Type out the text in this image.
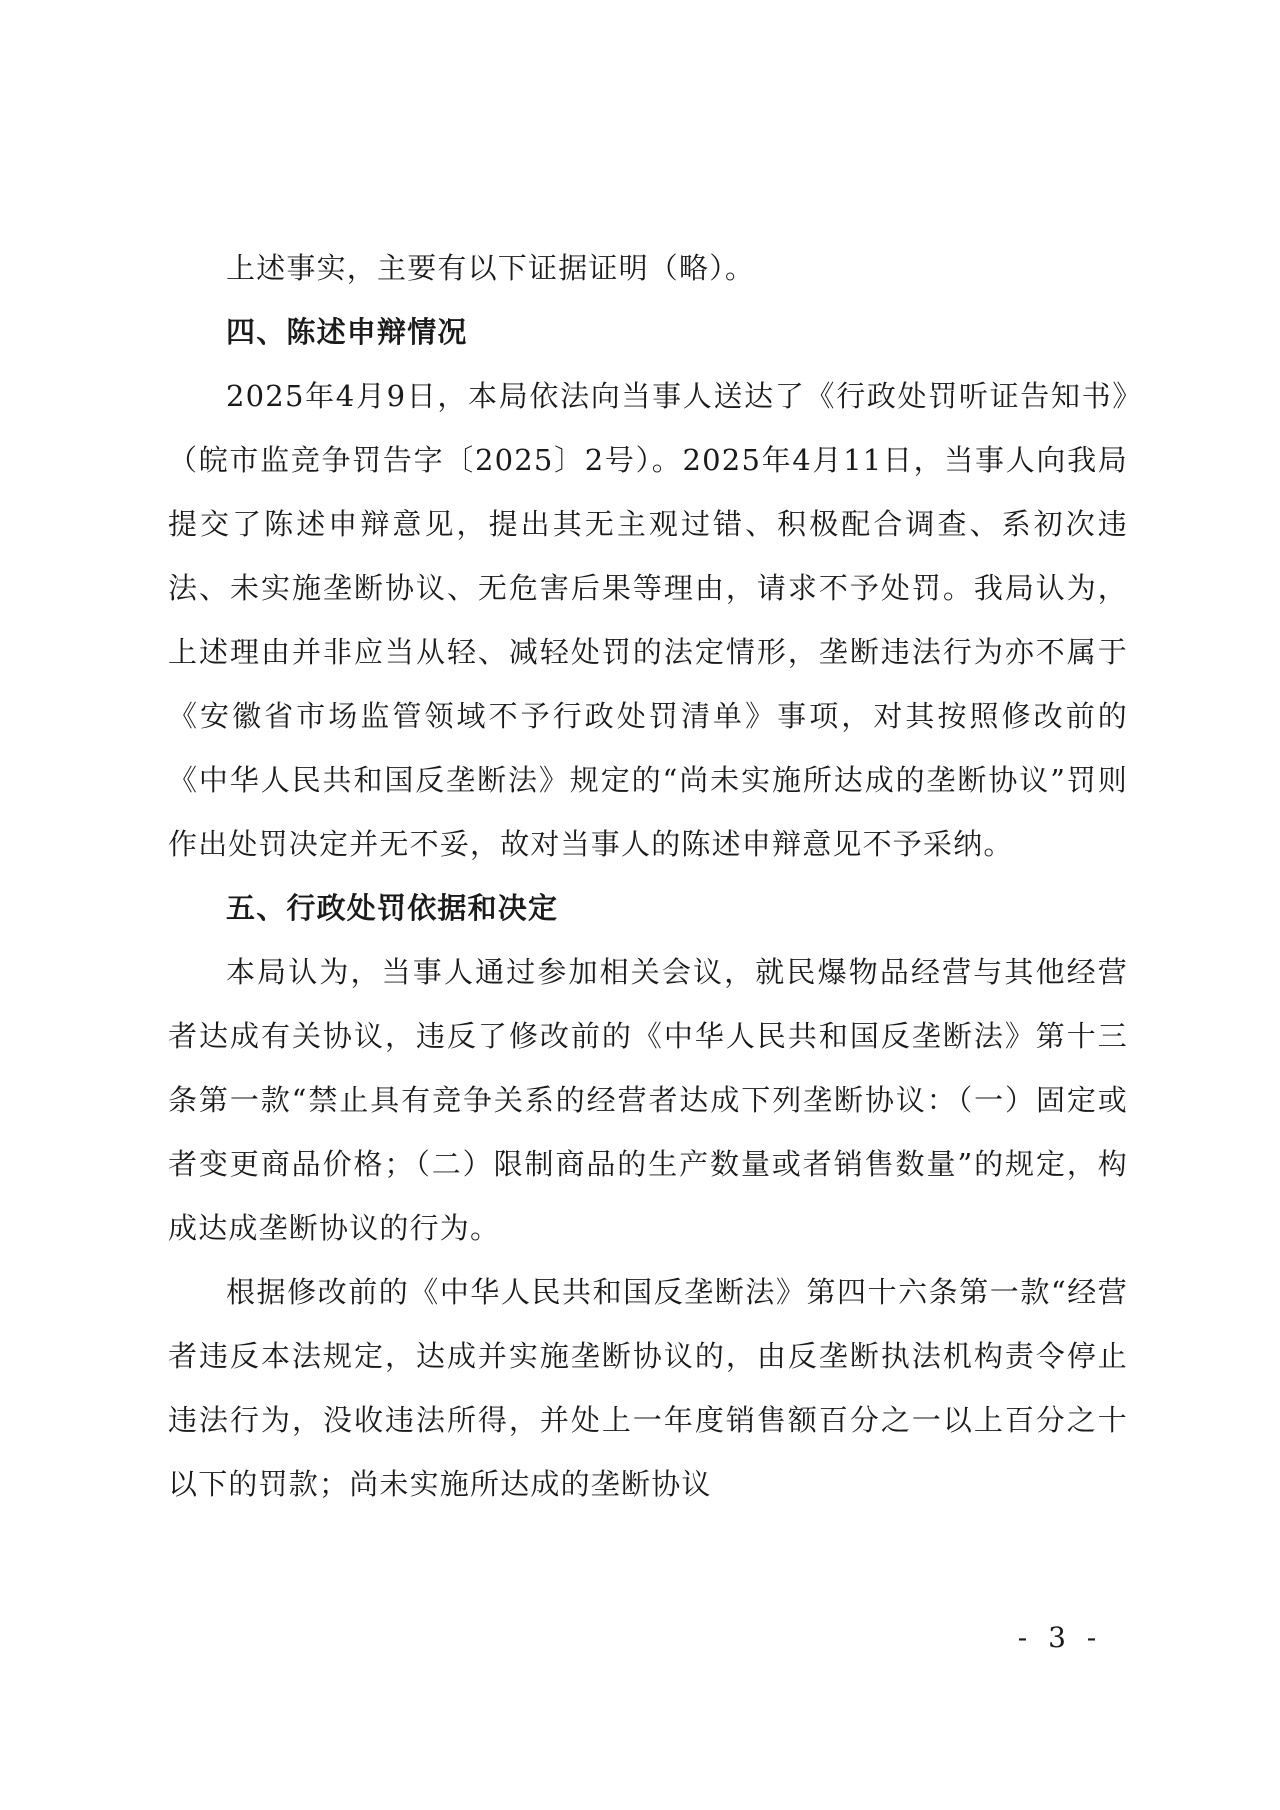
上述事实，主要有以下证据证明（略）。

四、陈述申辩情况

2025年4月9日，本局依法向当事人送达了《行政处罚听证告知书》（皖市监竞争罚告字〔2025〕2号）。2025年4月11日，当事人向我局提交了陈述申辩意见，提出其无主观过错、积极配合调查、系初次违法、未实施垄断协议、无危害后果等理由，请求不予处罚。我局认为，上述理由并非应当从轻、减轻处罚的法定情形，垄断违法行为亦不属于《安徽省市场监管领域不予行政处罚清单》事项，对其按照修改前的《中华人民共和国反垄断法》规定的“尚未实施所达成的垄断协议”罚则作出处罚决定并无不妥，故对当事人的陈述申辩意见不予采纳。

五、行政处罚依据和决定

本局认为，当事人通过参加相关会议，就民爆物品经营与其他经营者达成有关协议，违反了修改前的《中华人民共和国反垄断法》第十三条第一款“禁止具有竞争关系的经营者达成下列垄断协议：（一）固定或者变更商品价格；（二）限制商品的生产数量或者销售数量”的规定，构成达成垄断协议的行为。

根据修改前的《中华人民共和国反垄断法》第四十六条第一款“经营者违反本法规定，达成并实施垄断协议的，由反垄断执法机构责令停止违法行为，没收违法所得，并处上一年度销售额百分之一以上百分之十以下的罚款；尚未实施所达成的垄断协议

- 3 -
